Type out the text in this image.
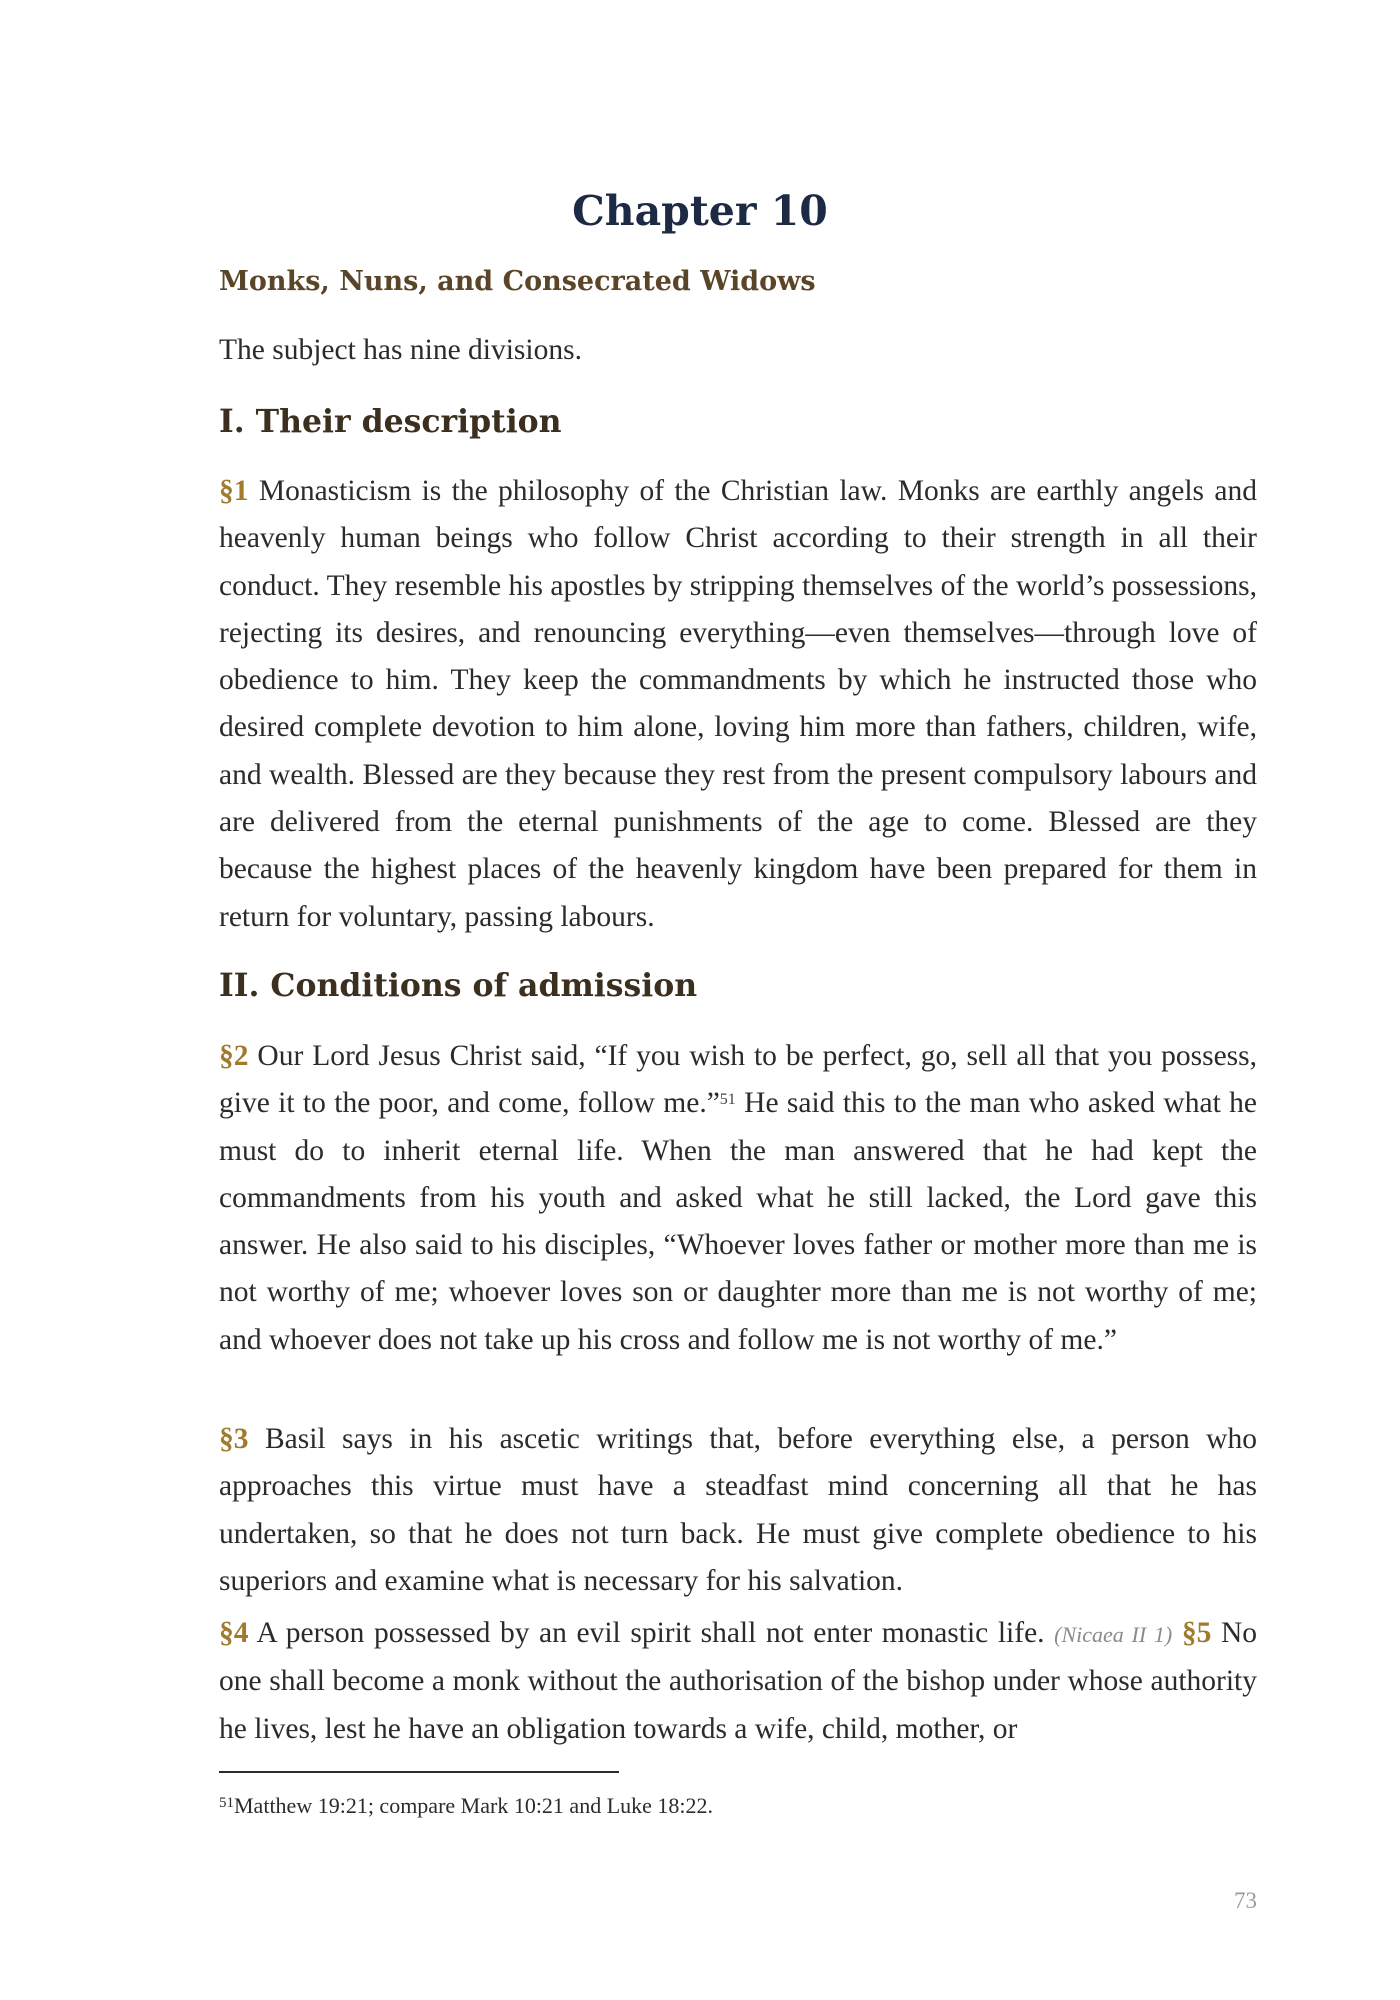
Chapter 10
Monks, Nuns, and Consecrated Widows

The subject has nine divisions.

I. Their description

§1 Monasticism is the philosophy of the Christian law. Monks are earthly angels and heavenly human beings who follow Christ according to their strength in all their conduct. They resemble his apostles by stripping themselves of the world’s possessions, rejecting its desires, and renouncing everything—even themselves—through love of obedience to him. They keep the commandments by which he instructed those who desired complete devotion to him alone, loving him more than fathers, children, wife, and wealth. Blessed are they because they rest from the present compulsory labours and are delivered from the eternal punishments of the age to come. Blessed are they because the highest places of the heavenly kingdom have been prepared for them in return for voluntary, passing labours.

II. Conditions of admission

§2 Our Lord Jesus Christ said, “If you wish to be perfect, go, sell all that you possess, give it to the poor, and come, follow me.”$^{51}$ He said this to the man who asked what he must do to inherit eternal life. When the man answered that he had kept the commandments from his youth and asked what he still lacked, the Lord gave this answer. He also said to his disciples, “Whoever loves father or mother more than me is not worthy of me; whoever loves son or daughter more than me is not worthy of me; and whoever does not take up his cross and follow me is not worthy of me.”

§3 Basil says in his ascetic writings that, before everything else, a person who approaches this virtue must have a steadfast mind concerning all that he has undertaken, so that he does not turn back. He must give complete obedience to his superiors and examine what is necessary for his salvation.

§4 A person possessed by an evil spirit shall not enter monastic life. (Nicaea II 1) §5 No one shall become a monk without the authorisation of the bishop under whose authority he lives, lest he have an obligation towards a wife, child, mother, or

$^{51}$Matthew 19:21; compare Mark 10:21 and Luke 18:22.

73
